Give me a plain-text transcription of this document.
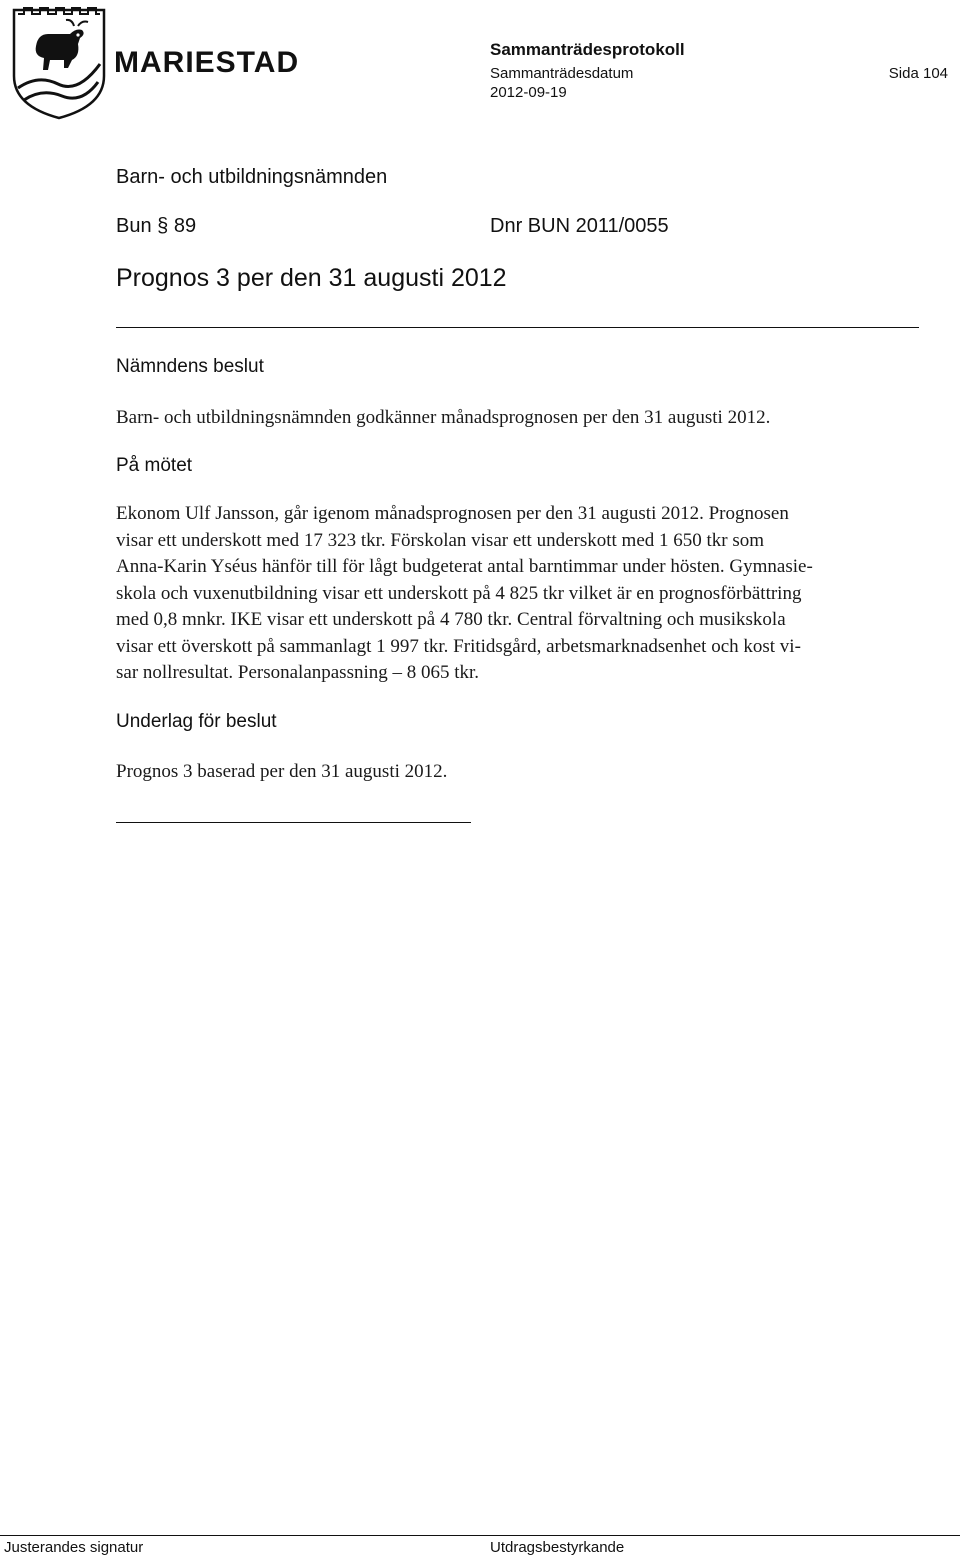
MARIESTAD	Sammanträdesprotokoll
Sammanträdesdatum
2012-09-19
Sida 104
Barn- och utbildningsnämnden
Bun § 89	Dnr BUN 2011/0055
Prognos 3 per den 31 augusti 2012
Nämndens beslut
Barn- och utbildningsnämnden godkänner månadsprognosen per den 31 augusti 2012.
På mötet
Ekonom Ulf Jansson, går igenom månadsprognosen per den 31 augusti 2012. Prognosen
visar ett underskott med 17 323 tkr. Förskolan visar ett underskott med 1 650 tkr som
Anna-Karin Yséus hänför till för lågt budgeterat antal barntimmar under hösten. Gymnasie-
skola och vuxenutbildning visar ett underskott på 4 825 tkr vilket är en prognosförbättring
med 0,8 mnkr. IKE visar ett underskott på 4 780 tkr. Central förvaltning och musikskola
visar ett överskott på sammanlagt 1 997 tkr. Fritidsgård, arbetsmarknadsenhet och kost vi-
sar nollresultat. Personalanpassning – 8 065 tkr.
Underlag för beslut
Prognos 3 baserad per den 31 augusti 2012.
Justerandes signatur	Utdragsbestyrkande
